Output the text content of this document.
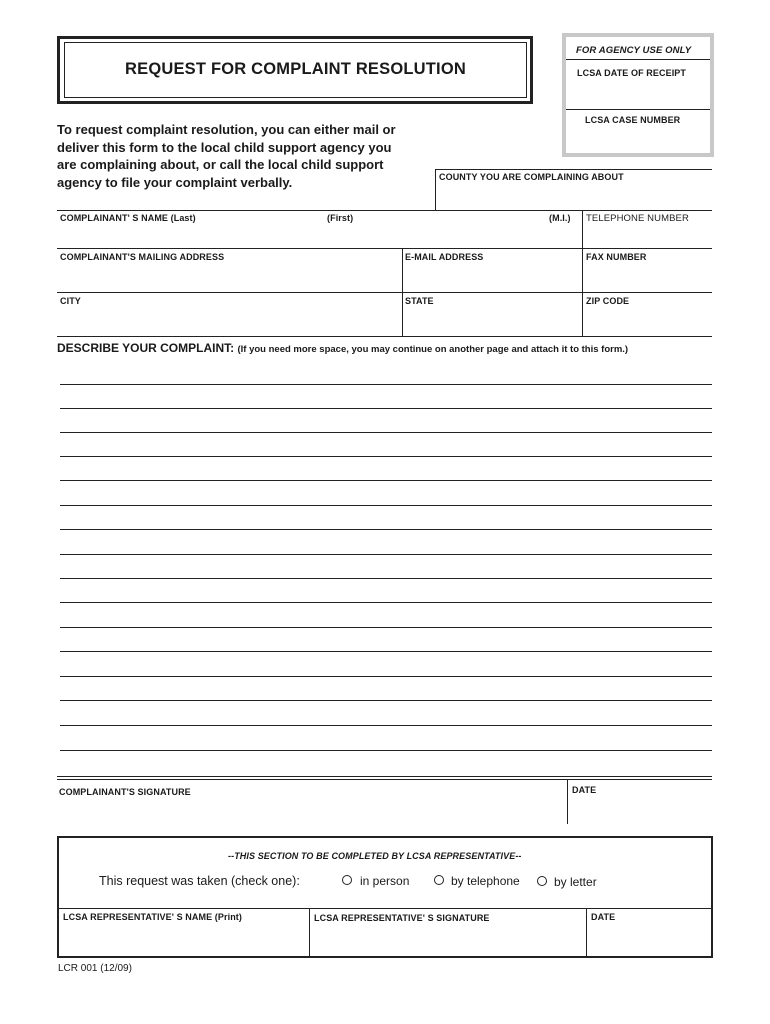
REQUEST FOR COMPLAINT RESOLUTION
FOR AGENCY USE ONLY
LCSA DATE OF RECEIPT
LCSA CASE NUMBER
To request complaint resolution, you can either mail or
deliver this form to the local child support agency you
are complaining about, or call the local child support
agency to file your complaint verbally.	COUNTY YOU ARE COMPLAINING ABOUT
COMPLAINANT' S NAME (Last)	(First)	(M.I.) TELEPHONE NUMBER
COMPLAINANT'S MAILING ADDRESS	E-MAIL ADDRESS	FAX NUMBER
CITY	STATE	ZIP CODE
DESCRIBE YOUR COMPLAINT: (If you need more space, you may continue on another page and attach it to this form.)
COMPLAINANT'S SIGNATURE	DATE
--THIS SECTION TO BE COMPLETED BY LCSA REPRESENTATIVE--
This request was taken (check one):	in person	by telephone	by letter
LCSA REPRESENTATIVE' S NAME (Print)	LCSA REPRESENTATIVE' S SIGNATURE	DATE
LCR 001 (12/09)
